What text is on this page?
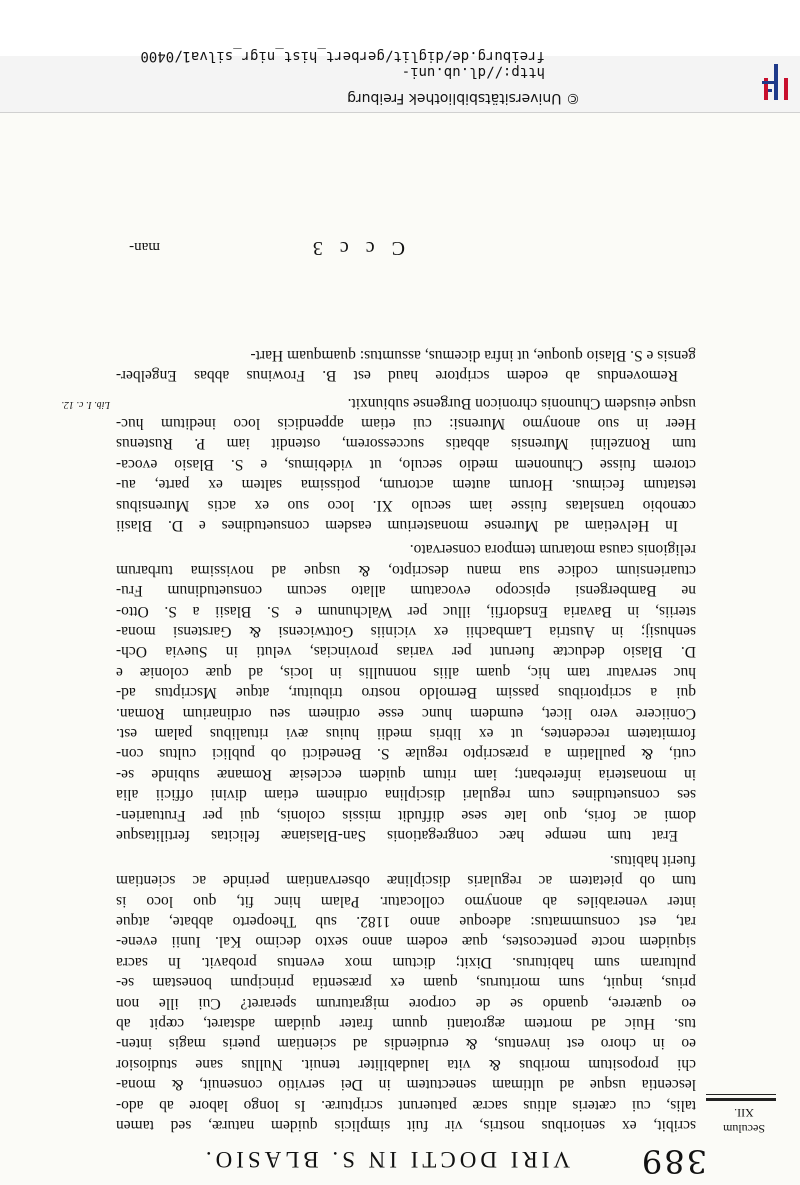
389
VIRI DOCTI IN S. BLASIO.
Seculum
XII.
scribit, ex senioribus nostris, vir fuit simplicis quidem naturæ, sed tamen
talis, cui cæteris altius sacræ patuerunt scripturæ. Is longo labore ab ado-
lescentia usque ad ultimam senectutem in Dei servitio consenuit, & mona-
chi propositum moribus & vita laudabiliter tenuit. Nullus sane studiosior
eo in choro est inventus, & erudiendis ad scientiam pueris magis inten-
tus. Huic ad mortem ægrotanti quum frater quidam adstaret, cœpit ab
eo quærere, quando se de corpore migraturum speraret? Cui ille non
prius, inquit, sum moriturus, quam ex præsentia principum bonestam se-
pulturam sum habiturus. Dixit; dictum mox eventus probavit. In sacra
siquidem nocte pentecostes, quæ eodem anno sexto decimo Kal. Iunii evene-
rat, est consummatus: adeoque anno 1182. sub Theoperto abbate, atque
inter venerabiles ab anonymo collocatur. Palam hinc fit, quo loco is
tum ob pietatem ac regularis disciplinæ observantiam perinde ac scientiam
fuerit habitus.
Erat tum nempe hæc congregationis San-Blasianæ felicitas fertilitasque
domi ac foris, quo late sese diffudit missis colonis, qui per Frutuarien-
ses consuetudines cum regulari disciplina ordinem etiam divini officii alia
in monasteria inferebant; iam ritum quidem ecclesiæ Romanæ subinde se-
cuti, & paullatim a præscripto regulæ S. Benedicti ob publici cultus con-
formitatem recedentes, ut ex libris medii huius ævi ritualibus palam est.
Coniicere vero licet, eumdem hunc esse ordinem seu ordinarium Roman.
qui a scriptoribus passim Bernoldo nostro tribuitur, atque Mscriptus ad-
huc servatur tam hic, quam aliis nonnullis in locis, ad quæ coloniæ e
D. Blasio deductæ fuerunt per varias provincias, veluti in Suevia Och-
senhusij; in Austria Lambachii ex viciniis Gottwicensi & Garstensi mona-
steriis, in Bavaria Ensdorfii, illuc per Walchunum e S. Blasii a S. Otto-
ne Bambergensi episcopo evocatum allato secum consuetudinum Fru-
ctuariensium codice sua manu descripto, & usque ad novissima turbarum
religionis causa motarum tempora conservato.
In Helvetiam ad Murense monasterium easdem consuetudines e D. Blasii
cœnobio translatas fuisse iam seculo XI. loco suo ex actis Murensibus
testatum fecimus. Horum autem actorum, potissima saltem ex parte, au-
ctorem fuisse Chunonem medio seculo, ut videbimus, e S. Blasio evoca-
tum Ronzelini Murensis abbatis successorem, ostendit iam P. Rustenus
Heer in suo anonymo Murensi: cui etiam appendicis loco ineditum huc-
usque eiusdem Chunonis chronicon Burgense subiunxit.
Removendus ab eodem scriptore haud est B. Frowinus abbas Engelber-
gensis e S. Blasio quoque, ut infra dicemus, assumtus: quamquam Hart-
Lib. I. c. 12.
C c c 3
man-
© Universitätsbibliothek Freiburg
http://dl.ub.uni-freiburg.de/diglit/gerbert_hist_nigr_silva1/0400
